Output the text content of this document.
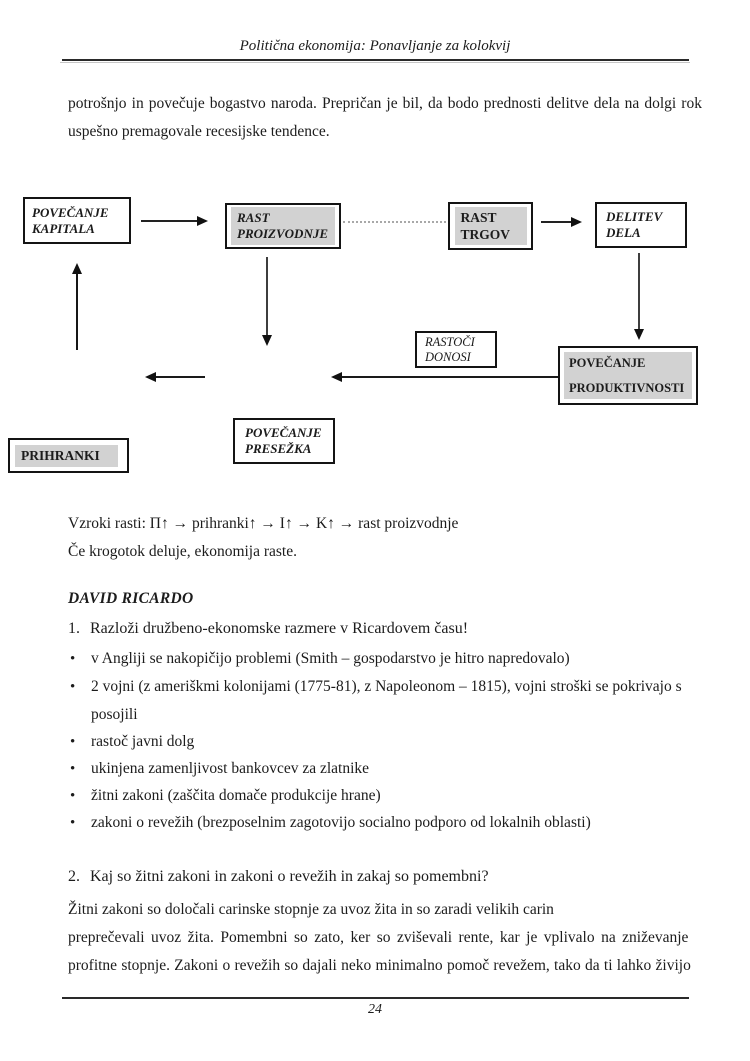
Politična ekonomija: Ponavljanje za kolokvij
potrošnjo in povečuje bogastvo naroda. Prepričan je bil, da bodo prednosti delitve dela na dolgi rok
uspešno premagovale recesijske tendence.
POVEČANJE
KAPITALA
RAST
PROIZVODNJE
RAST
TRGOV
DELITEV
DELA
RASTOČI
DONOSI	POVEČANJE
PRODUKTIVNOSTI
POVEČANJE
PRESEŽKA
PRIHRANKI
Vzroki rasti: Π↑ → prihranki↑ → I↑ → K↑ → rast proizvodnje
Če krogotok deluje, ekonomija raste.
DAVID RICARDO
1. Razloži družbeno-ekonomske razmere v Ricardovem času!
• v Angliji se nakopičijo problemi (Smith – gospodarstvo je hitro napredovalo)
• 2 vojni (z ameriškmi kolonijami (1775-81), z Napoleonom – 1815), vojni stroški se pokrivajo s
posojili
• rastoč javni dolg
• ukinjena zamenljivost bankovcev za zlatnike
• žitni zakoni (zaščita domače produkcije hrane)
• zakoni o revežih (brezposelnim zagotovijo socialno podporo od lokalnih oblasti)
2. Kaj so žitni zakoni in zakoni o revežih in zakaj so pomembni?
Žitni zakoni so določali carinske stopnje za uvoz žita in so zaradi velikih carin
preprečevali uvoz žita. Pomembni so zato, ker so zviševali rente, kar je vplivalo na zniževanje
profitne stopnje. Zakoni o revežih so dajali neko minimalno pomoč revežem, tako da ti lahko živijo
24
